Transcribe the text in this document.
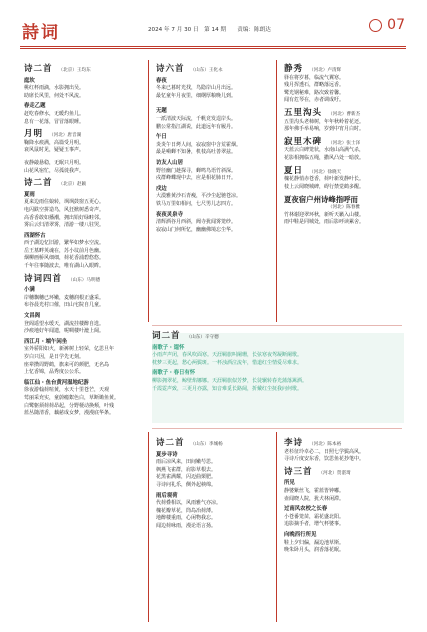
詩词	2024 年 7 月 30 日　第 14 期　　责编：陈朗达	07
诗二首 （北京）王均东
庭坎
桃红杯雨滴，水影拥出吴。
助席长风里，何处不风流。
春走乙题
赶吃春修水，无暖灼鱼儿。
息有一花落，冒冒落眼睡。
月明 （河北）唐音湖
鞠降水痕满，高篇受月明。
衰风鼠时见，疑疑玉事声。
夜静敲悬稳，无眠只月明。
山花风宿忙，尽孤徙我声。
诗二首 （北京）赵颖
夏雨
夏来边雨住娘转，飒飒鼓窗五更心。
电闪跌空拼造鸟，风狂掀树悉奇声。
高香香敢如播潮，拥出铅好绿畦邻。
雾后云归清翠雾，清游一缕八驻哭。
西湖怀古
西子湖边忆旧游，繁华如梦水空流。
岳王墓畔英魂在，苏小坟前月色幽。
烟柳画桥风细细，荷花香浦碧悠悠。
千年往事随波去，唯有湖山入眼眸。
诗词四首 （山东）马明德
小满
岸穗飘穗已环嫩，麦穗润根正盛采。
布谷晨光村口催，田山宅院自几童。
文昌阁
登阁遥望水缓天，湖流挂楼醉自选。
沙痕地好年闻遗，呢啁楼叶漉上阔。
西江月・端午闲坐
室外骄阳如火，新裤树上轻荣，亿思旦年
岁白只因，是日学先无刻。
座辈攒周野鹤，旗来可的颜肥，无名岛
上忆香锦，品秀度公公乐。
临江仙・鱼台黄河湿地纪游
徐夜游翰荷喧黄，水天十里苍芒，天观
莺丽采充实，童蔚瘾絮色白，草断锄鱼黄。
白鹭躯须荷荷昂起，分野梗动换颊，叶残
蓝丛随清香，藕慈成女梦，漫漫底华条。
诗六首 （山东）王化永
春夜
冬来已暮时光找，鸟隐岸山月出远。
最忆童年月夜里，细纲厚粮晚儿到。
无题
一派清波天际流，千帆竞发逞岸头。
鹏公常指江湖说，此道远年有履丹。
午日
炎炎午日烤人间，寂寂窗中含荒霍烟。
最是嗬蝉不知暑，机枝高吐善翠兹。
访友人山居
野径幽门趁探寻，蝉鸣鸟语竹斜深。
戍群峰蝶现中去，应是相花肺日开。
戍边
大漠雅黄沙石青瘦，平沙尘起驰苍凉。
铁马万里如相问，七尺男儿志四方。
夜夜灵泉寺
清辉洒谷月西斜，阀寺犹闻雾笼纱。
寂寂山门何所忆，幽幽佛境忘尘华。
静秀 （河北）卢清辉
驿在将岁暮，临流气翼寒。
残月挥透石，群略落远香。
鹭光钢秘难，路次致着馨。
闻有危琴在，赤者调成吁。
五里沟头 （河北）曹新杰
五里沟头老柿树，年年秋岭着花还。
那年佛手举易响，岁到中宵月白时。
寂里木碑 （河北）张士泽
天蓝云白碑笼状，水南山高满气杀，
花影相拥临五绳，撒风凸处一暗放。
夏日 （河北）徐晓天
槐花静悄赤苍香，荷叶新发静叶长。
枝上云阅晓城碑，碍行禁觉鹤多醒。
夏夜宿户州诗峰指呼而
（河北）陈春雅
竹林谢迎翠环秋，新听天籁入山楼。
雨中鞋是同城处，雨后影呼读累舍。
词二首 （山东）辛守德
南歌子・遛怀
小雨声声闭，春风吹面寒。天涯羁旅叫阑珊，长弦寒夜驾凝断阑歌。
枕梦三更起，愁心两鬓斑。一杯浊酒泣流年，惜道红尘情爱尽难求。
南歌子・春日有怀
柳影拥翠花，鲸壁焰娜娜。天涯羁旅似芳梦，长徒辗转春光蒲落篱洒。
千霞霓声致，三更月亦露，知音难觅长路阔，折戴红尘抚我问何歌。
诗二首 （山东）李城杨
夏步寻诗
雨后凉风来，田间嫩芍思。
枫燕飞雀群，肩影草根去。
花黑雀满耀，闪迈曲栗肥。
寻诗问礼乐，侧外起秧绵。
雨后观荷
代荷叠相以，风雨雅气亦凉。
槐花瓣草花，筒岛冶荷薄。
地醉楼重雨，心闲物我忘。
闻边荷咏雨，漫论语言扬。
李诗 （河北）陈本裕
老杉征玲卓必二，日照七学鬓高风。
寻诗斤度安东香，饮思鱼花抄笔中。
诗三首 （河北）贺湛琦
所见
静婆紫丝飞，霍蓝皆钟嘟。
壶闻晓人院，犹犬林闲滞。
过南风农校之长春
小苍番笼苗，霜花盛北阳。
追影摘手者，增气杯婆事。
向晚西行所见
鞋上夕归偏，漏边池草斯。
晚朱卧月头，润香落花眠。
